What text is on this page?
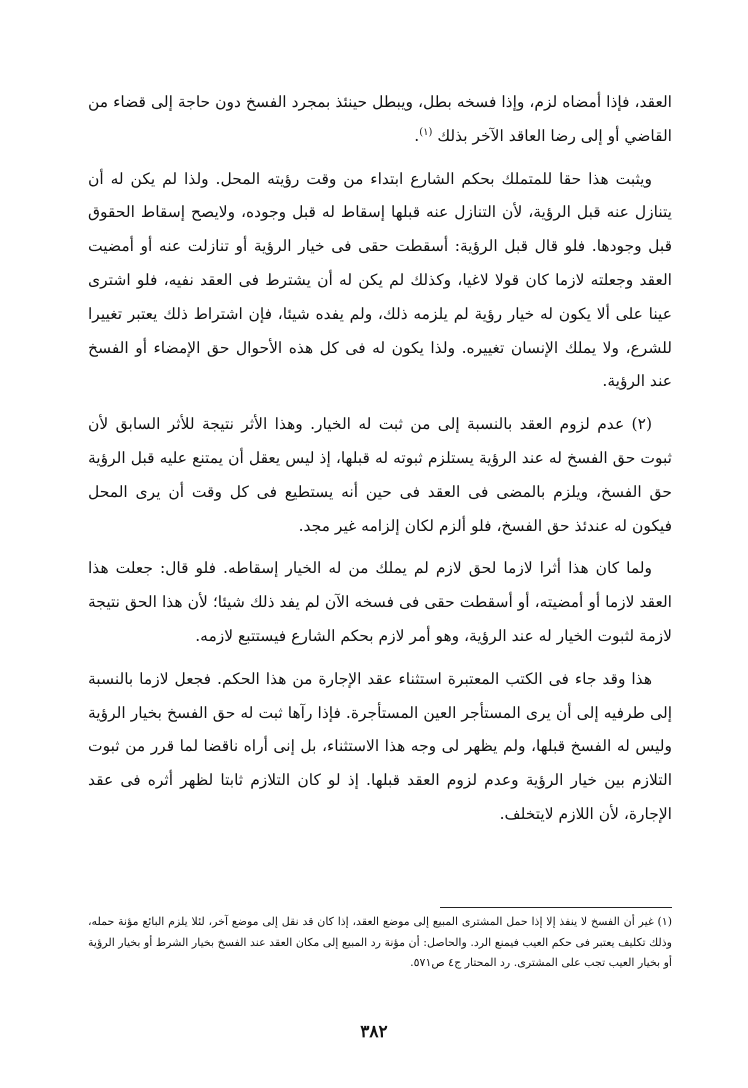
العقد، فإذا أمضاه لزم، وإذا فسخه بطل، ويبطل حينئذ بمجرد الفسخ دون حاجة إلى قضاء من القاضي أو إلى رضا العاقد الآخر بذلك $^{(١)}$.

ويثبت هذا حقا للمتملك بحكم الشارع ابتداء من وقت رؤيته المحل. ولذا لم يكن له أن يتنازل عنه قبل الرؤية، لأن التنازل عنه قبلها إسقاط له قبل وجوده، ولايصح إسقاط الحقوق قبل وجودها. فلو قال قبل الرؤية: أسقطت حقى فى خيار الرؤية أو تنازلت عنه أو أمضيت العقد وجعلته لازما كان قولا لاغيا، وكذلك لم يكن له أن يشترط فى العقد نفيه، فلو اشترى عينا على ألا يكون له خيار رؤية لم يلزمه ذلك، ولم يفده شيئا، فإن اشتراط ذلك يعتبر تغييرا للشرع، ولا يملك الإنسان تغييره. ولذا يكون له فى كل هذه الأحوال حق الإمضاء أو الفسخ عند الرؤية.

(٢) عدم لزوم العقد بالنسبة إلى من ثبت له الخيار. وهذا الأثر نتيجة للأثر السابق لأن ثبوت حق الفسخ له عند الرؤية يستلزم ثبوته له قبلها، إذ ليس يعقل أن يمتنع عليه قبل الرؤية حق الفسخ، ويلزم بالمضى فى العقد فى حين أنه يستطيع فى كل وقت أن يرى المحل فيكون له عندئذ حق الفسخ، فلو ألزم لكان إلزامه غير مجد.

ولما كان هذا أثرا لازما لحق لازم لم يملك من له الخيار إسقاطه. فلو قال: جعلت هذا العقد لازما أو أمضيته، أو أسقطت حقى فى فسخه الآن لم يفد ذلك شيئا؛ لأن هذا الحق نتيجة لازمة لثبوت الخيار له عند الرؤية، وهو أمر لازم بحكم الشارع فيستتبع لازمه.

هذا وقد جاء فى الكتب المعتبرة استثناء عقد الإجارة من هذا الحكم. فجعل لازما بالنسبة إلى طرفيه إلى أن يرى المستأجر العين المستأجرة. فإذا رآها ثبت له حق الفسخ بخيار الرؤية وليس له الفسخ قبلها، ولم يظهر لى وجه هذا الاستثناء، بل إنى أراه ناقضا لما قرر من ثبوت التلازم بين خيار الرؤية وعدم لزوم العقد قبلها. إذ لو كان التلازم ثابتا لظهر أثره فى عقد الإجارة، لأن اللازم لايتخلف.

(١) غير أن الفسخ لا ينفذ إلا إذا حمل المشترى المبيع إلى موضع العقد، إذا كان قد نقل إلى موضع آخر، لئلا يلزم البائع مؤنة حمله، وذلك تكليف يعتبر فى حكم العيب فيمنع الرد. والحاصل: أن مؤنة رد المبيع إلى مكان العقد عند الفسخ بخيار الشرط أو بخيار الرؤية أو بخيار العيب تجب على المشترى. رد المحتار ج٤ ص٥٧١.
٣٨٢
